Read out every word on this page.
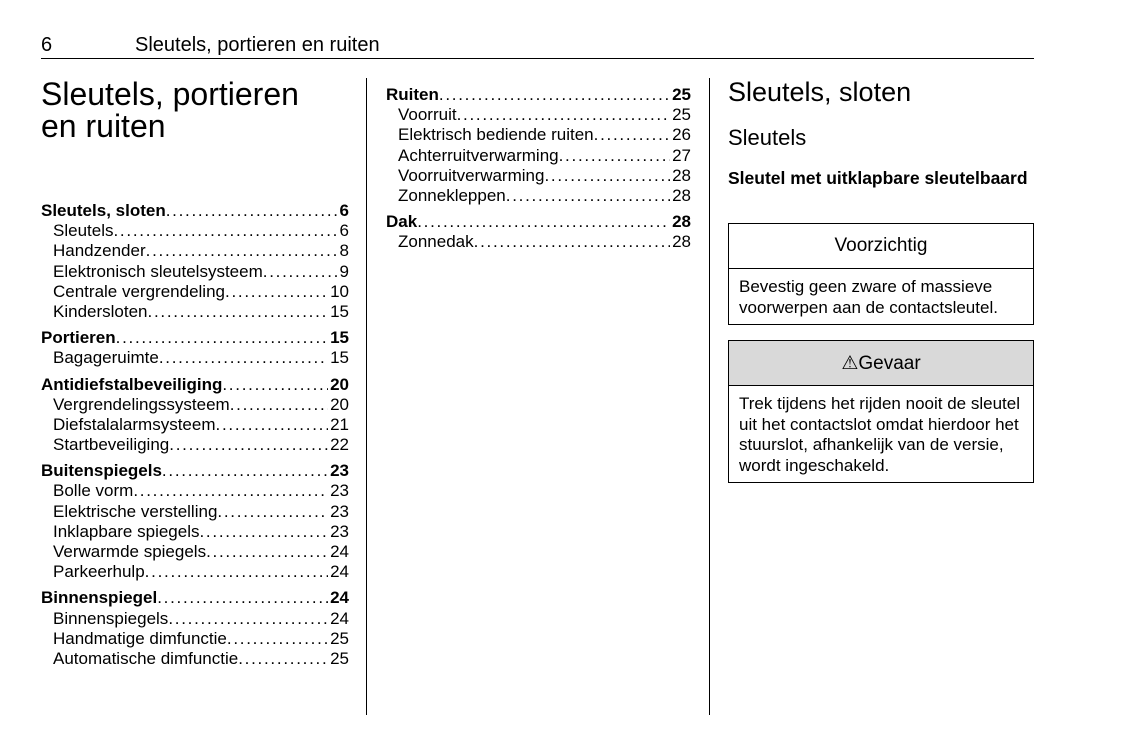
6	Sleutels, portieren en ruiten
Sleutels, portieren en ruiten
Sleutels, sloten . . .	6
Sleutels . . .	6
Handzender . . .	8
Elektronisch sleutelsysteem . . .	9
Centrale vergrendeling . . .	10
Kindersloten . . .	15
Portieren . . .	15
Bagageruimte . . .	15
Antidiefstalbeveiliging . . .	20
Vergrendelingssysteem . . .	20
Diefstalalarmsysteem . . .	21
Startbeveiliging . . .	22
Buitenspiegels . . .	23
Bolle vorm . . .	23
Elektrische verstelling . . .	23
Inklapbare spiegels . . .	23
Verwarmde spiegels . . .	24
Parkeerhulp . . .	24
Binnenspiegel . . .	24
Binnenspiegels . . .	24
Handmatige dimfunctie . . .	25
Automatische dimfunctie . . .	25
Ruiten . . .	25
Voorruit . . .	25
Elektrisch bediende ruiten . . .	26
Achterruitverwarming . . .	27
Voorruitverwarming . . .	28
Zonnekleppen . . .	28
Dak . . .	28
Zonnedak . . .	28
Sleutels, sloten
Sleutels
Sleutel met uitklapbare sleutelbaard
Voorzichtig
Bevestig geen zware of massieve voorwerpen aan de contactsleutel.
⚠Gevaar
Trek tijdens het rijden nooit de sleutel uit het contactslot omdat hierdoor het stuurslot, afhankelijk van de versie, wordt ingeschakeld.
